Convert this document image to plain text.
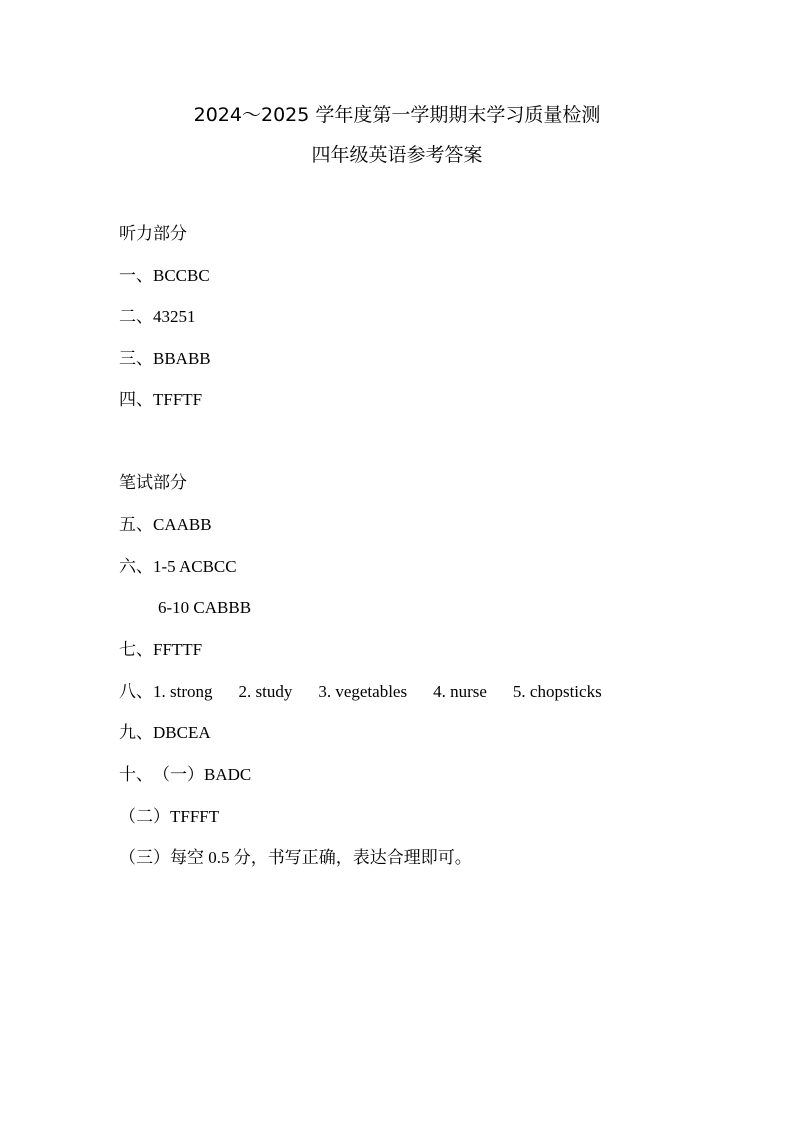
2024～2025 学年度第一学期期末学习质量检测
四年级英语参考答案
听力部分
一、BCCBC
二、43251
三、BBABB
四、TFFTF
笔试部分
五、CAABB
六、1-5 ACBCC
6-10 CABBB
七、FFTTF
八、1. strong 2. study 3. vegetables 4. nurse 5. chopsticks
九、DBCEA
十、（一）BADC
（二）TFFFT
（三）每空 0.5 分，书写正确，表达合理即可。
